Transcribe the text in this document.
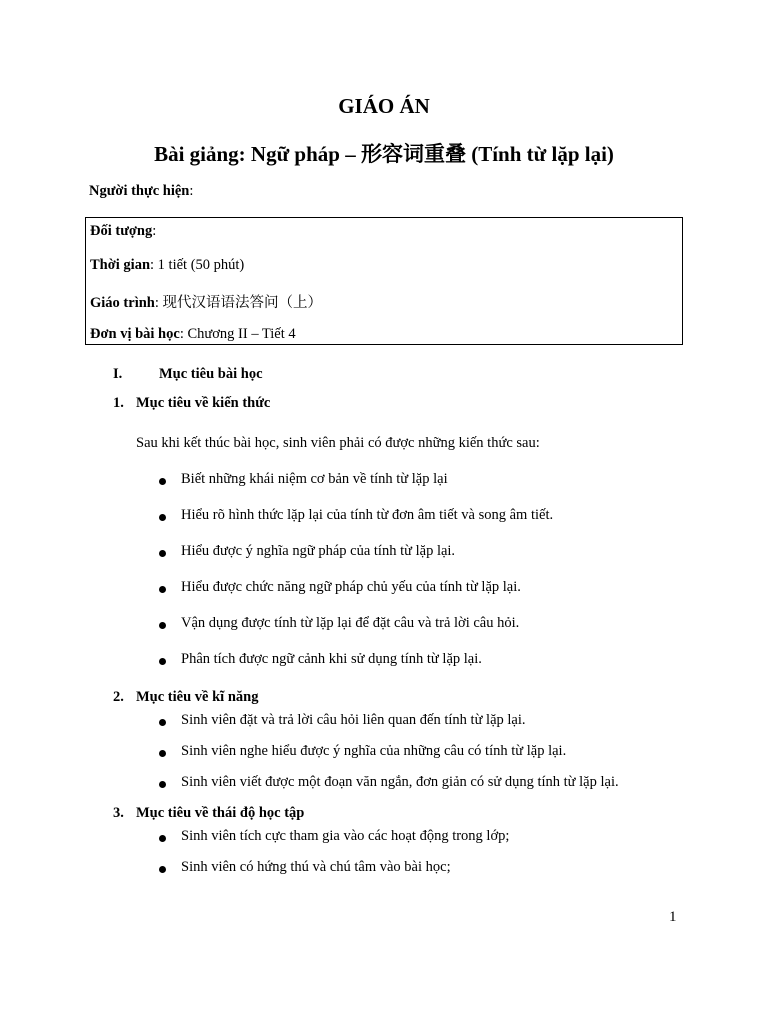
GIÁO ÁN
Bài giảng: Ngữ pháp – 形容词重叠 (Tính từ lặp lại)
Người thực hiện:
Đối tượng:
Thời gian: 1 tiết (50 phút)
Giáo trình: 现代汉语语法答问（上）
Đơn vị bài học: Chương II – Tiết 4
I.	Mục tiêu bài học
1. Mục tiêu về kiến thức
Sau khi kết thúc bài học, sinh viên phải có được những kiến thức sau:
Biết những khái niệm cơ bản về tính từ lặp lại
Hiểu rõ hình thức lặp lại của tính từ đơn âm tiết và song âm tiết.
Hiểu được ý nghĩa ngữ pháp của tính từ lặp lại.
Hiểu được chức năng ngữ pháp chủ yếu của tính từ lặp lại.
Vận dụng được tính từ lặp lại để đặt câu và trả lời câu hỏi.
Phân tích được ngữ cảnh khi sử dụng tính từ lặp lại.
2. Mục tiêu về kĩ năng
Sinh viên đặt và trả lời câu hỏi liên quan đến tính từ lặp lại.
Sinh viên nghe hiểu được ý nghĩa của những câu có tính từ lặp lại.
Sinh viên viết được một đoạn văn ngắn, đơn giản có sử dụng tính từ lặp lại.
3. Mục tiêu về thái độ học tập
Sinh viên tích cực tham gia vào các hoạt động trong lớp;
Sinh viên có hứng thú và chú tâm vào bài học;
1
